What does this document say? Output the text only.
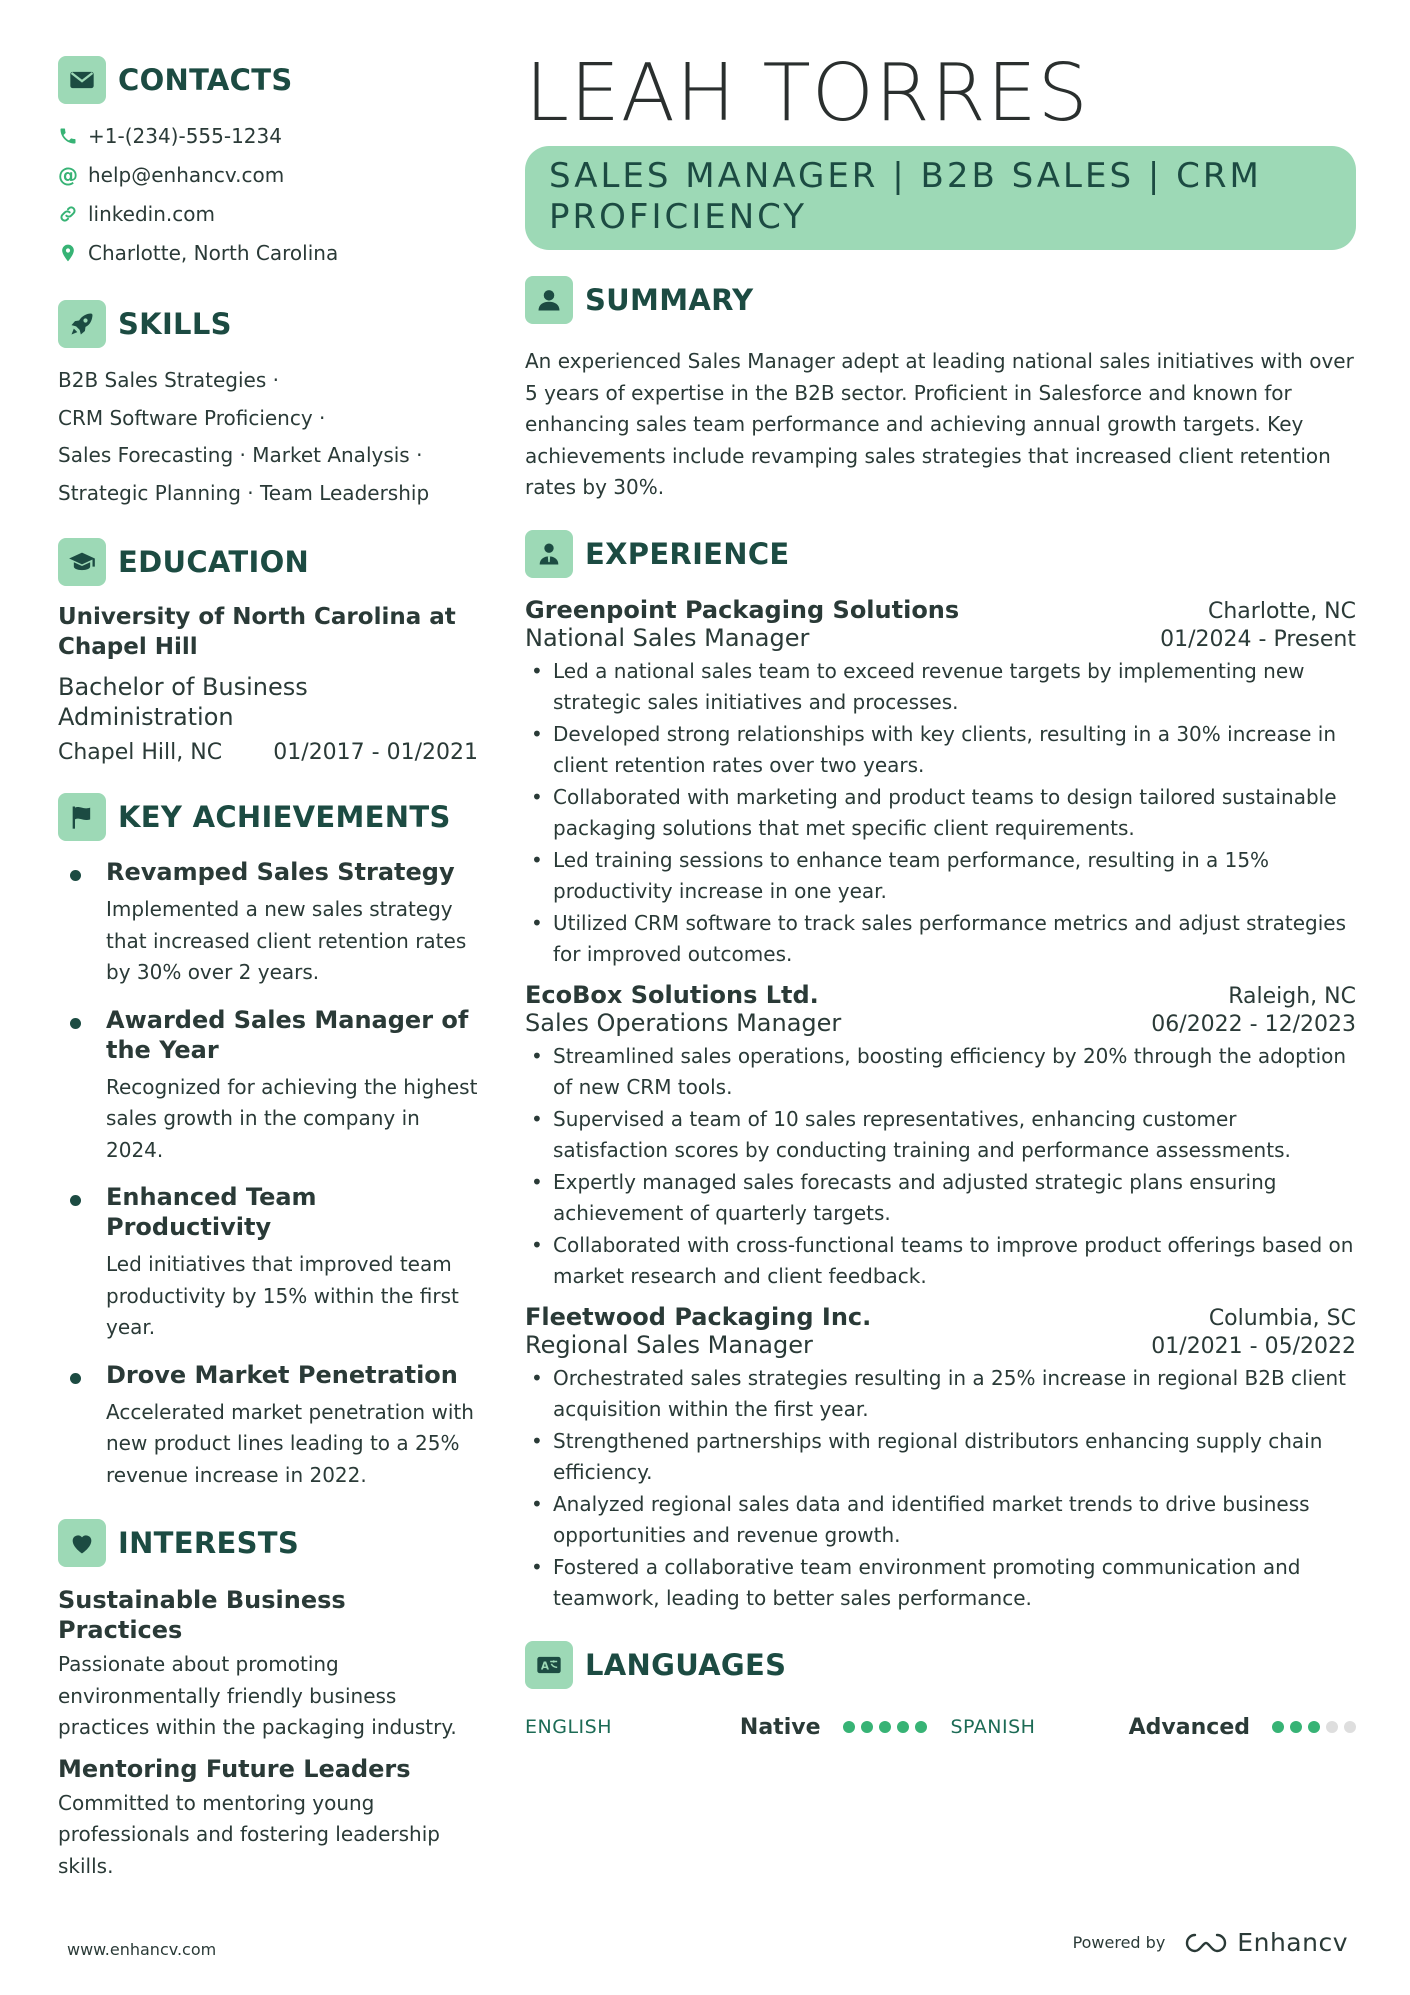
CONTACTS
+1-(234)-555-1234
@ help@enhancv.com
linkedin.com
Charlotte, North Carolina
SKILLS
B2B Sales Strategies ·
CRM Software Proficiency ·
Sales Forecasting · Market Analysis ·
Strategic Planning · Team Leadership
EDUCATION
University of North Carolina at Chapel Hill
Bachelor of Business Administration
Chapel Hill, NC 01/2017 - 01/2021
KEY ACHIEVEMENTS
Revamped Sales Strategy
Implemented a new sales strategy that increased client retention rates by 30% over 2 years.
Awarded Sales Manager of the Year
Recognized for achieving the highest sales growth in the company in 2024.
Enhanced Team Productivity
Led initiatives that improved team productivity by 15% within the first year.
Drove Market Penetration
Accelerated market penetration with new product lines leading to a 25% revenue increase in 2022.
INTERESTS
Sustainable Business Practices
Passionate about promoting environmentally friendly business practices within the packaging industry.
Mentoring Future Leaders
Committed to mentoring young professionals and fostering leadership skills.
LEAH TORRES
SALES MANAGER | B2B SALES | CRM PROFICIENCY
SUMMARY
An experienced Sales Manager adept at leading national sales initiatives with over 5 years of expertise in the B2B sector. Proficient in Salesforce and known for enhancing sales team performance and achieving annual growth targets. Key achievements include revamping sales strategies that increased client retention rates by 30%.
EXPERIENCE
Greenpoint Packaging Solutions	Charlotte, NC
National Sales Manager	01/2024 - Present
• Led a national sales team to exceed revenue targets by implementing new strategic sales initiatives and processes.
• Developed strong relationships with key clients, resulting in a 30% increase in client retention rates over two years.
• Collaborated with marketing and product teams to design tailored sustainable packaging solutions that met specific client requirements.
• Led training sessions to enhance team performance, resulting in a 15% productivity increase in one year.
• Utilized CRM software to track sales performance metrics and adjust strategies for improved outcomes.
EcoBox Solutions Ltd.	Raleigh, NC
Sales Operations Manager	06/2022 - 12/2023
• Streamlined sales operations, boosting efficiency by 20% through the adoption of new CRM tools.
• Supervised a team of 10 sales representatives, enhancing customer satisfaction scores by conducting training and performance assessments.
• Expertly managed sales forecasts and adjusted strategic plans ensuring achievement of quarterly targets.
• Collaborated with cross-functional teams to improve product offerings based on market research and client feedback.
Fleetwood Packaging Inc.	Columbia, SC
Regional Sales Manager	01/2021 - 05/2022
• Orchestrated sales strategies resulting in a 25% increase in regional B2B client acquisition within the first year.
• Strengthened partnerships with regional distributors enhancing supply chain efficiency.
• Analyzed regional sales data and identified market trends to drive business opportunities and revenue growth.
• Fostered a collaborative team environment promoting communication and teamwork, leading to better sales performance.
A LANGUAGES
ENGLISH	Native	SPANISH	Advanced
www.enhancv.com	Powered by	Enhancv
